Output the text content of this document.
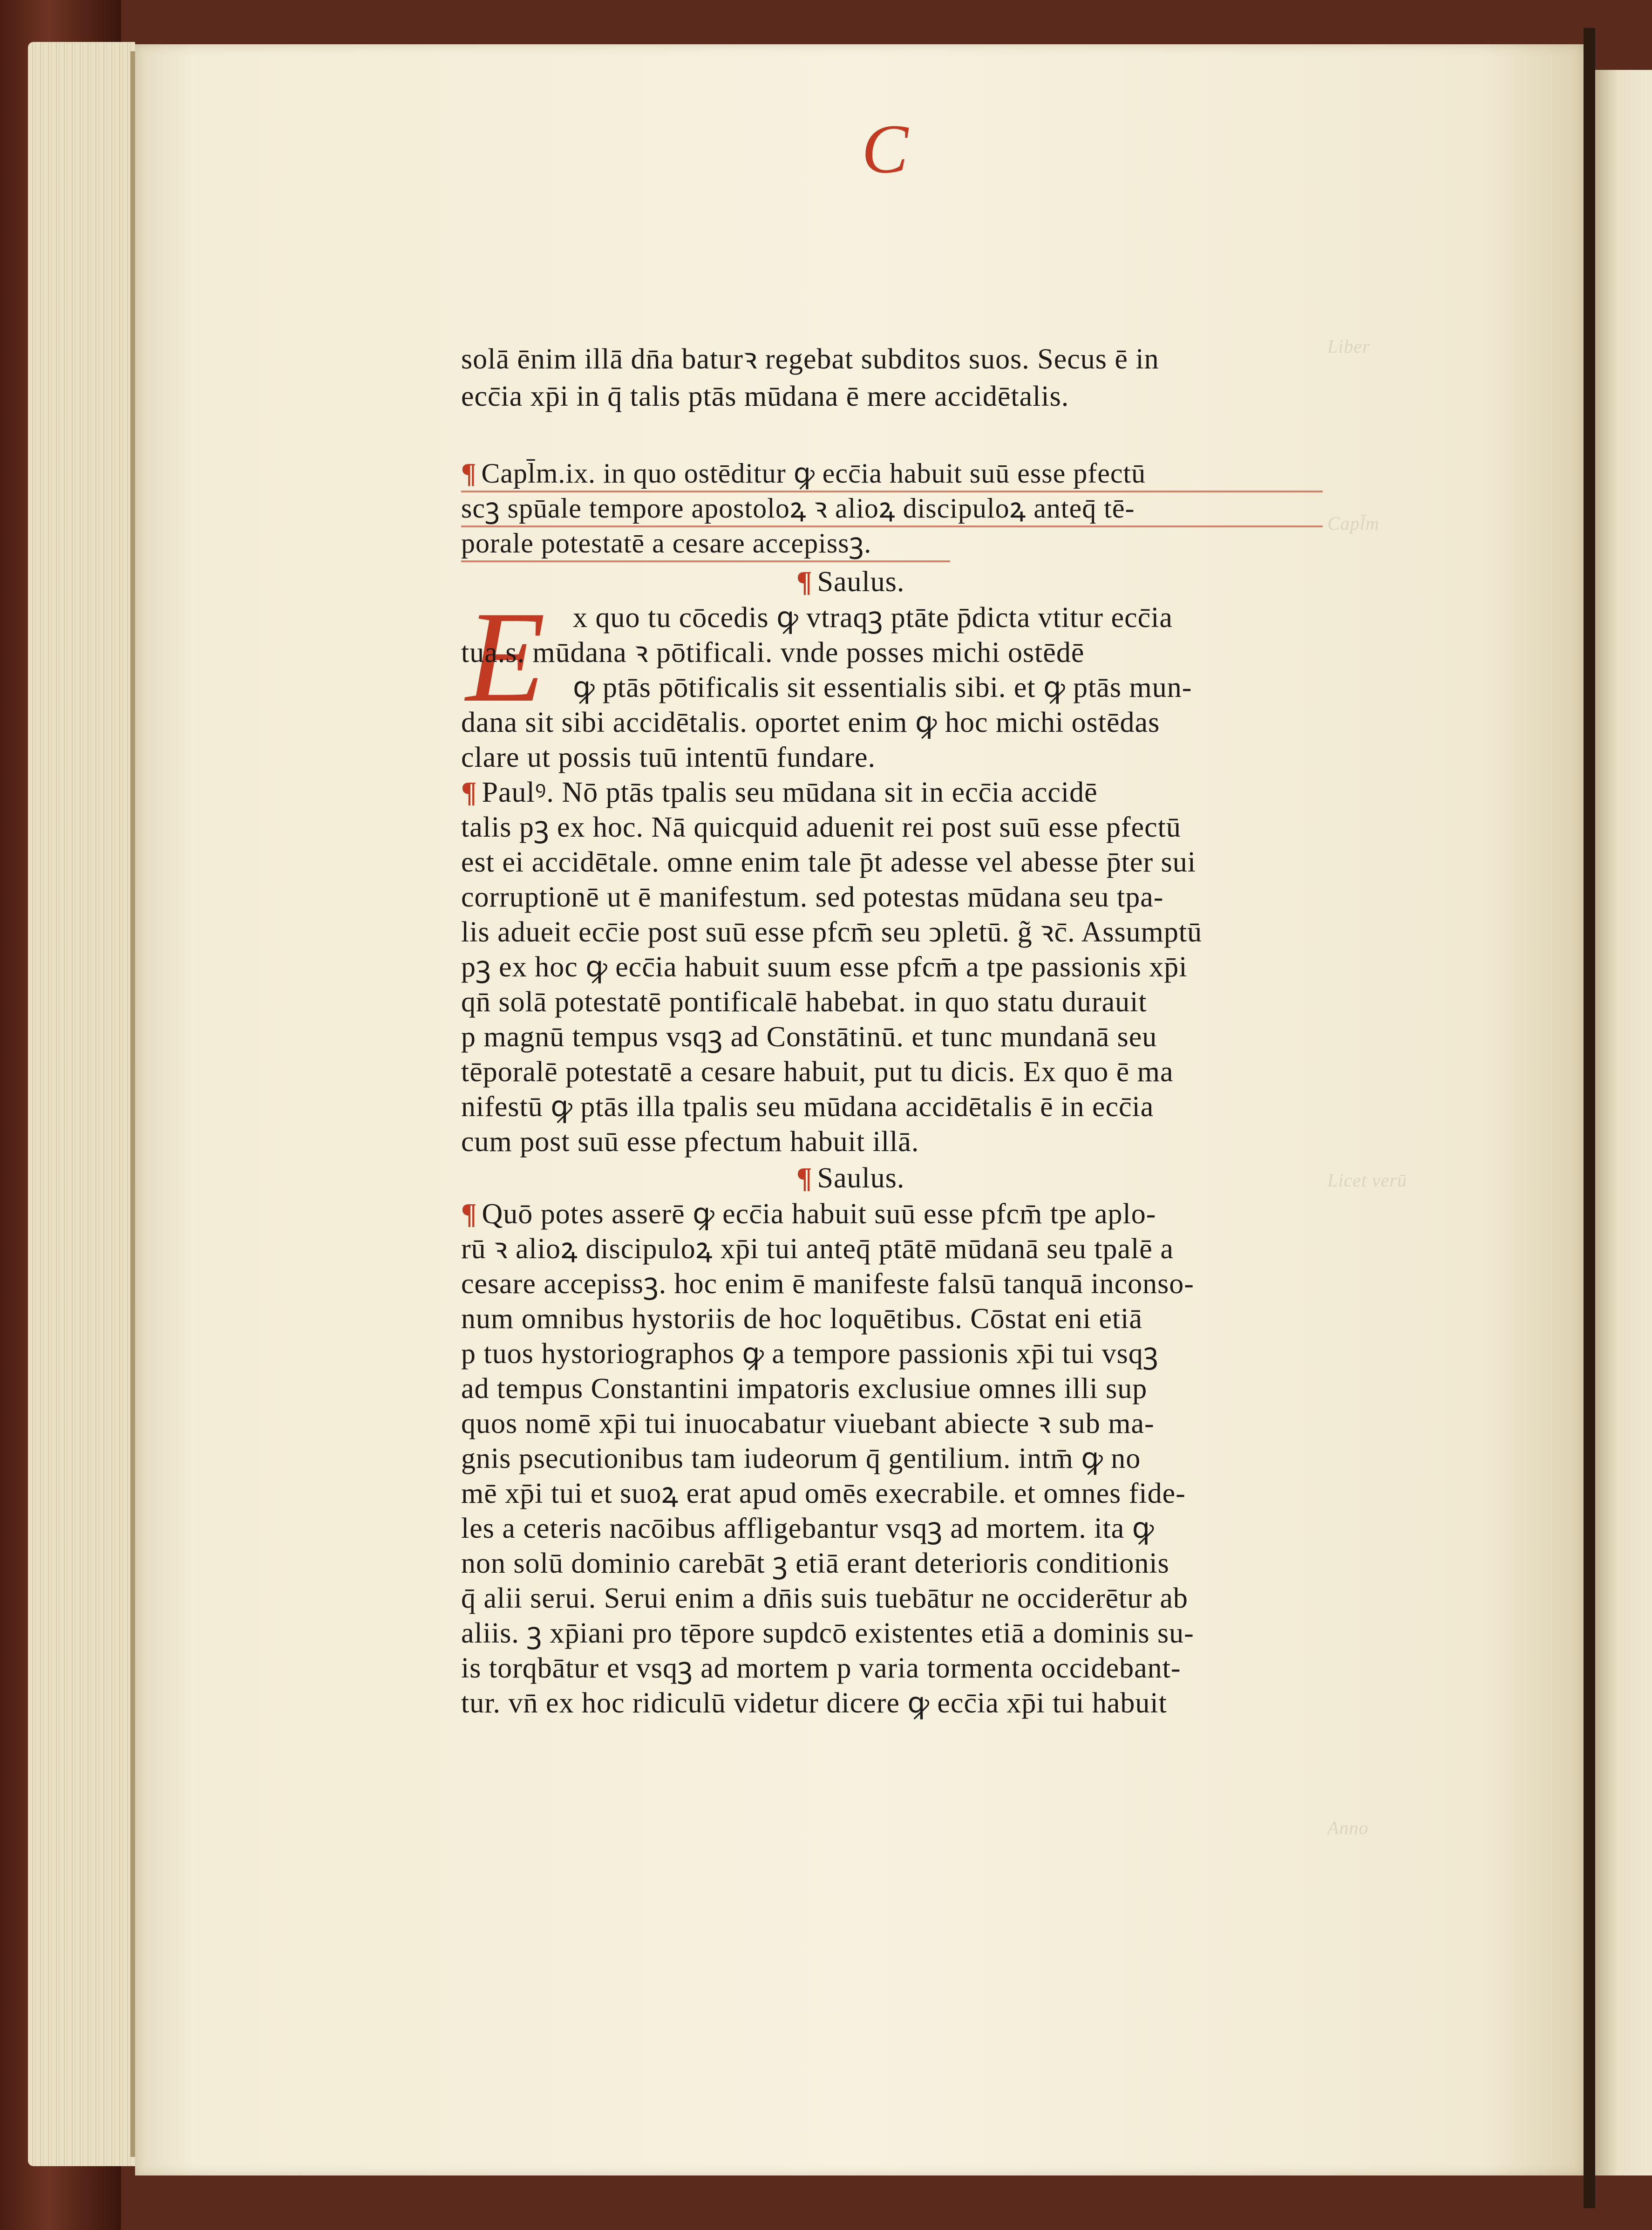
Liber
Capl̄m
Licet verū
Anno
C
E
solā ēnim illā dn̄a baturꝛ regebat subditos suos. Secus ē in
ecc̄ia xp̄i in q̄ talis ptās mūdana ē mere accidētalis.
¶ Capl̄m.ix. in quo ostēditur ꝙ ecc̄ia habuit suū esse pfectū
scꝫ spūale tempore apostoloꝝ ꝛ alioꝝ discipuloꝝ anteq̄ tē-
porale potestatē a cesare accepissꝫ.
¶ Saulus.
x quo tu cōcedis ꝙ vtraqꝫ ptāte p̄dicta vtitur ecc̄ia
tua.s. mūdana ꝛ pōtificali. vnde posses michi ostēdē
ꝙ ptās pōtificalis sit essentialis sibi. et ꝙ ptās mun-
dana sit sibi accidētalis. oportet enim ꝙ hoc michi ostēdas
clare ut possis tuū intentū fundare.
¶ Paulꝰ. Nō ptās tpalis seu mūdana sit in ecc̄ia accidē
talis pꝫ ex hoc. Nā quicquid aduenit rei post suū esse pfectū
est ei accidētale. omne enim tale p̄t adesse vel abesse p̄ter sui
corruptionē ut ē manifestum. sed potestas mūdana seu tpa-
lis adueit ecc̄ie post suū esse pfcm̄ seu ↄpletū. g̃ ꝛc̄. Assumptū
pꝫ ex hoc ꝙ ecc̄ia habuit suum esse pfcm̄ a tpe passionis xp̄i
qn̄ solā potestatē pontificalē habebat. in quo statu durauit
p magnū tempus vsqꝫ ad Constātinū. et tunc mundanā seu
tēporalē potestatē a cesare habuit, put tu dicis. Ex quo ē ma
nifestū ꝙ ptās illa tpalis seu mūdana accidētalis ē in ecc̄ia
cum post suū esse pfectum habuit illā.
¶ Saulus.
¶ Quō potes asserē ꝙ ecc̄ia habuit suū esse pfcm̄ tpe aplo-
rū ꝛ alioꝝ discipuloꝝ xp̄i tui anteq̄ ptātē mūdanā seu tpalē a
cesare accepissꝫ. hoc enim ē manifeste falsū tanquā inconso-
num omnibus hystoriis de hoc loquētibus. Cōstat eni etiā
p tuos hystoriographos ꝙ a tempore passionis xp̄i tui vsqꝫ
ad tempus Constantini impatoris exclusiue omnes illi sup
quos nomē xp̄i tui inuocabatur viuebant abiecte ꝛ sub ma-
gnis psecutionibus tam iudeorum q̄ gentilium. intm̄ ꝙ no
mē xp̄i tui et suoꝝ erat apud omēs execrabile. et omnes fide-
les a ceteris nacōibus affligebantur vsqꝫ ad mortem. ita ꝙ
non solū dominio carebāt ꝫ etiā erant deterioris conditionis
q̄ alii serui. Serui enim a dn̄is suis tuebātur ne occiderētur ab
aliis. ꝫ xp̄iani pro tēpore supdcō existentes etiā a dominis su-
is torqbātur et vsqꝫ ad mortem p varia tormenta occidebant-
tur. vn̄ ex hoc ridiculū videtur dicere ꝙ ecc̄ia xp̄i tui habuit
